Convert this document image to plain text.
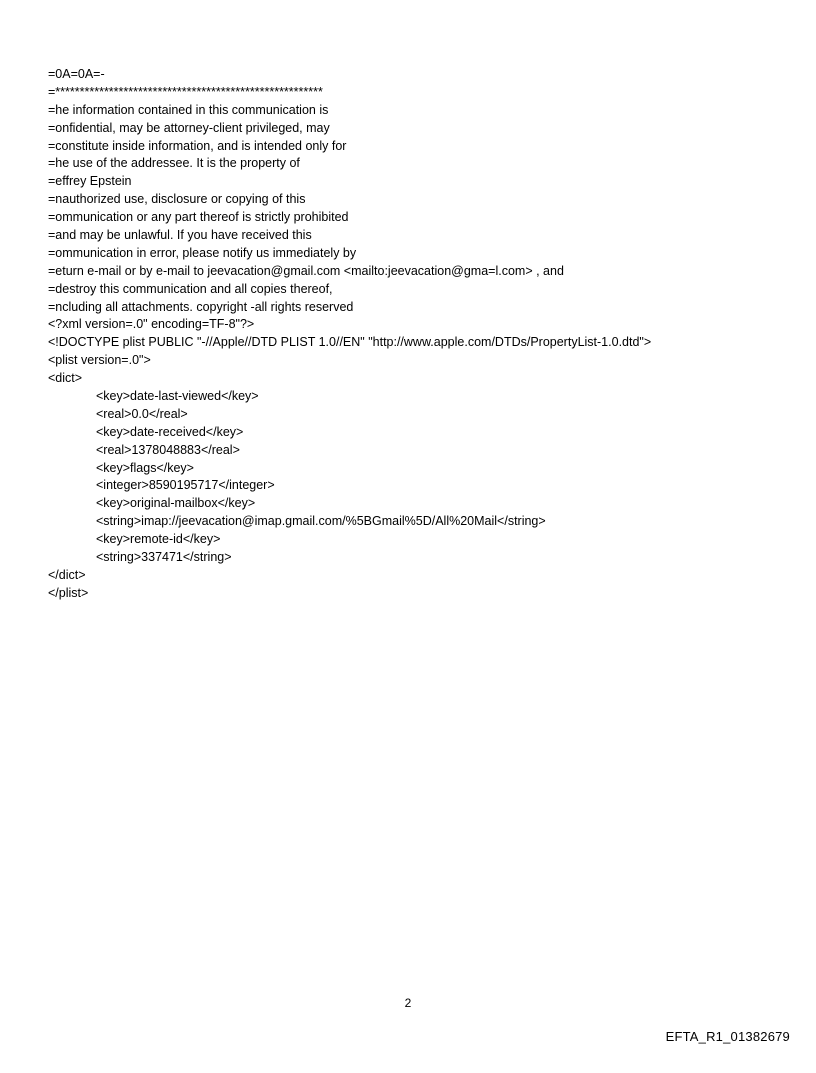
=0A=0A=-
=*******************************************************
=he information contained in this communication is
=onfidential, may be attorney-client privileged, may
=constitute inside information, and is intended only for
=he use of the addressee. It is the property of
=effrey Epstein
=nauthorized use, disclosure or copying of this
=ommunication or any part thereof is strictly prohibited
=and may be unlawful. If you have received this
=ommunication in error, please notify us immediately by
=eturn e-mail or by e-mail to jeevacation@gmail.com <mailto:jeevacation@gma=l.com> , and
=destroy this communication and all copies thereof,
=ncluding all attachments. copyright -all rights reserved
<?xml version=.0" encoding=TF-8"?>
<!DOCTYPE plist PUBLIC "-//Apple//DTD PLIST 1.0//EN" "http://www.apple.com/DTDs/PropertyList-1.0.dtd">
<plist version=.0">
<dict>
<key>date-last-viewed</key>
<real>0.0</real>
<key>date-received</key>
<real>1378048883</real>
<key>flags</key>
<integer>8590195717</integer>
<key>original-mailbox</key>
<string>imap://jeevacation@imap.gmail.com/%5BGmail%5D/All%20Mail</string>
<key>remote-id</key>
<string>337471</string>
</dict>
</plist>
2
EFTA_R1_01382679
